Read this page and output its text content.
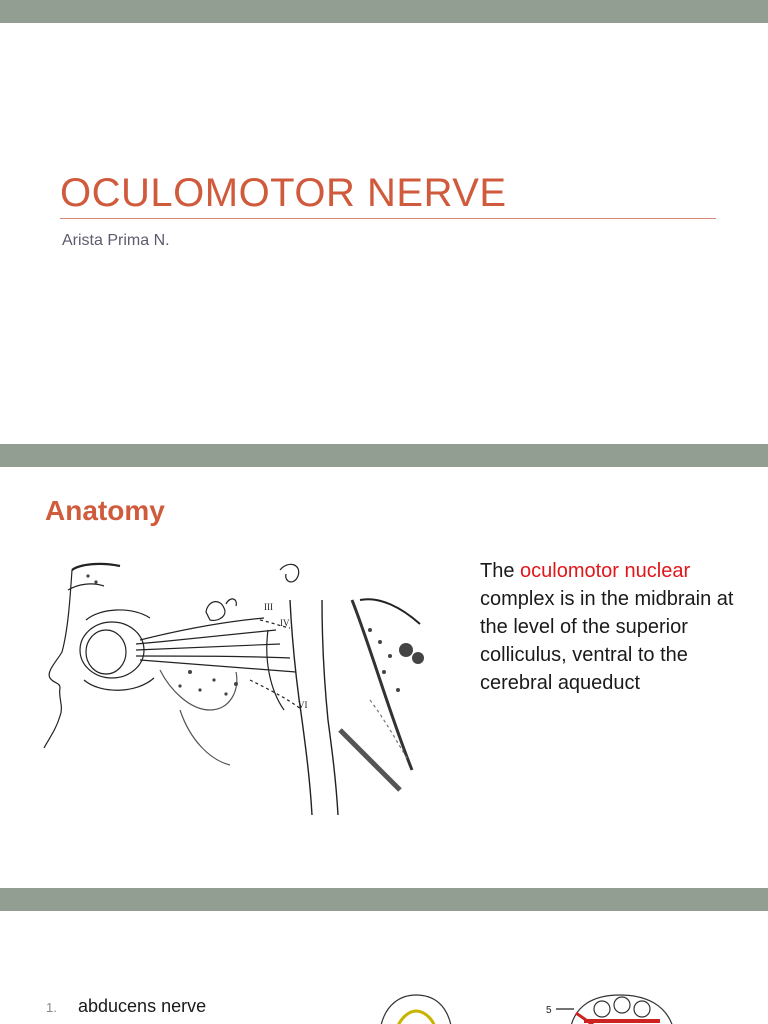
OCULOMOTOR NERVE
Arista Prima N.
Anatomy
III
IV
VI

The oculomotor nuclear complex is in the midbrain at the level of the superior colliculus, ventral to the cerebral aqueduct

1. abducens nerve	5
